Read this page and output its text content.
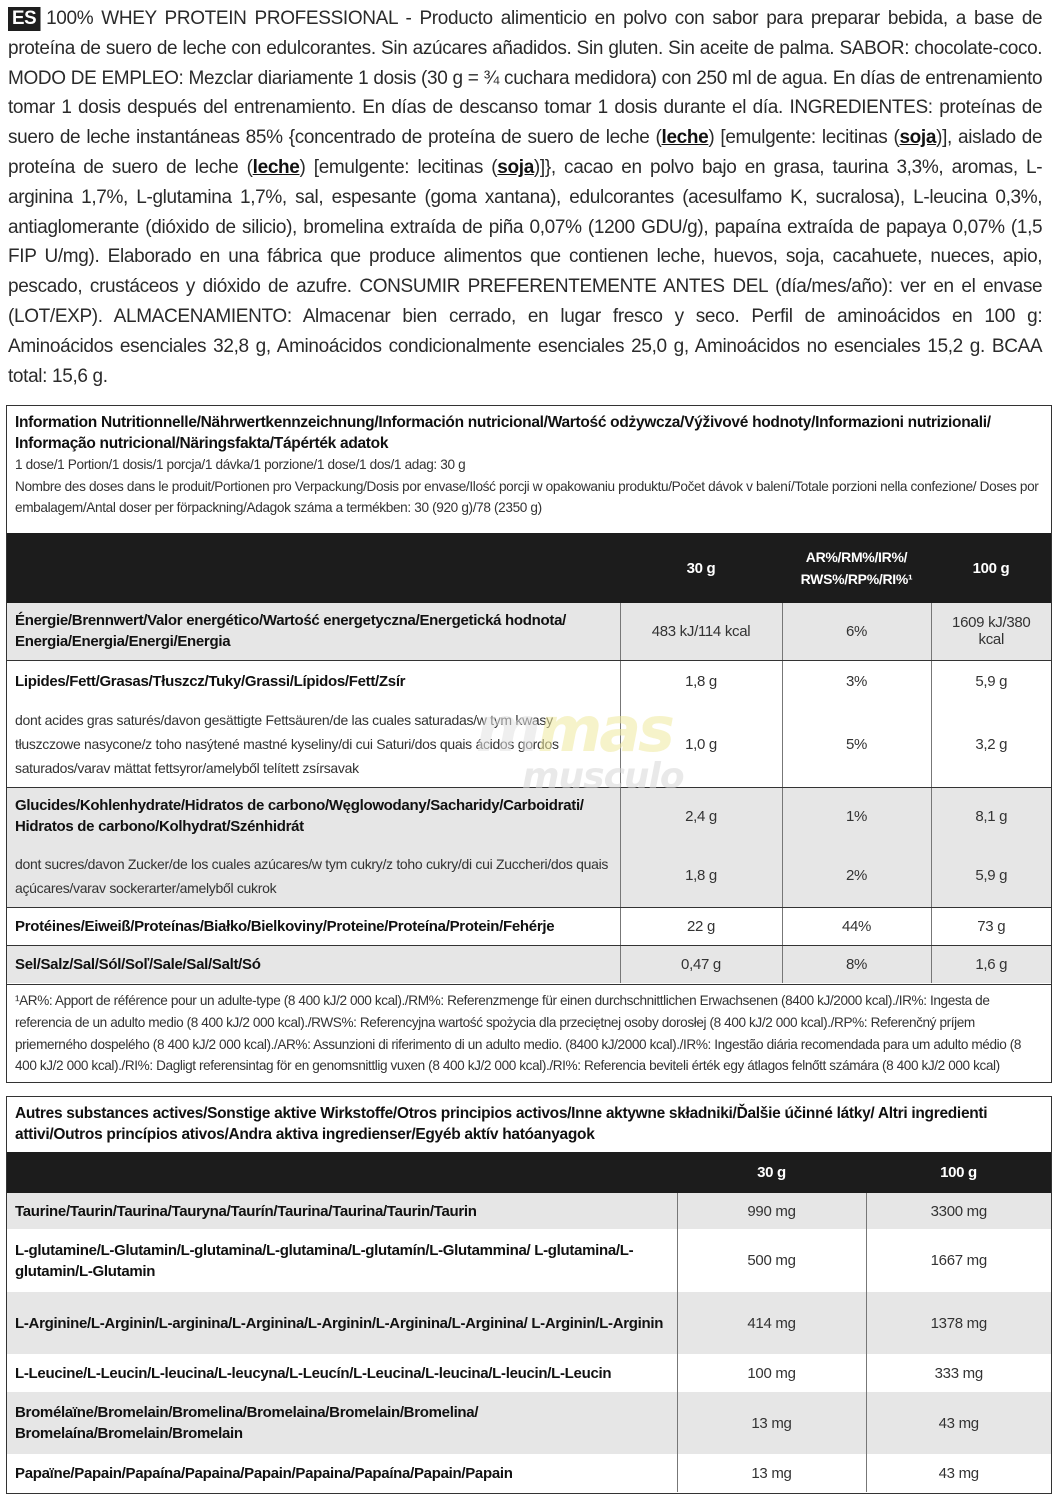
ES 100% WHEY PROTEIN PROFESSIONAL - Producto alimenticio en polvo con sabor para preparar bebida, a base de proteína de suero de leche con edulcorantes. Sin azúcares añadidos. Sin gluten. Sin aceite de palma. SABOR: chocolate-coco. MODO DE EMPLEO: Mezclar diariamente 1 dosis (30 g = ¾ cuchara medidora) con 250 ml de agua. En días de entrenamiento tomar 1 dosis después del entrenamiento. En días de descanso tomar 1 dosis durante el día. INGREDIENTES: proteínas de suero de leche instantáneas 85% {concentrado de proteína de suero de leche (leche) [emulgente: lecitinas (soja)], aislado de proteína de suero de leche (leche) [emulgente: lecitinas (soja)]}, cacao en polvo bajo en grasa, taurina 3,3%, aromas, L-arginina 1,7%, L-glutamina 1,7%, sal, espesante (goma xantana), edulcorantes (acesulfamo K, sucralosa), L-leucina 0,3%, antiaglomerante (dióxido de silicio), bromelina extraída de piña 0,07% (1200 GDU/g), papaína extraída de papaya 0,07% (1,5 FIP U/mg). Elaborado en una fábrica que produce alimentos que contienen leche, huevos, soja, cacahuete, nueces, apio, pescado, crustáceos y dióxido de azufre. CONSUMIR PREFERENTEMENTE ANTES DEL (día/mes/año): ver en el envase (LOT/EXP). ALMACENAMIENTO: Almacenar bien cerrado, en lugar fresco y seco. Perfil de aminoácidos en 100 g: Aminoácidos esenciales 32,8 g, Aminoácidos condicionalmente esenciales 25,0 g, Aminoácidos no esenciales 15,2 g. BCAA total: 15,6 g.
Information Nutritionnelle/Nährwertkennzeichnung/Información nutricional/Wartość odżywcza/Výživové hodnoty/Informazioni nutrizionali/ Informação nutricional/Näringsfakta/Tápérték adatok
1 dose/1 Portion/1 dosis/1 porcja/1 dávka/1 porzione/1 dose/1 dos/1 adag: 30 g
Nombre des doses dans le produit/Portionen pro Verpackung/Dosis por envase/Ilość porcji w opakowaniu produktu/Počet dávok v balení/Totale porzioni nella confezione/ Doses por embalagem/Antal doser per förpackning/Adagok száma a termékben: 30 (920 g)/78 (2350 g)
	30 g	AR%/RM%/IR%/ RWS%/RP%/RI%¹	100 g
Énergie/Brennwert/Valor energético/Wartość energetyczna/Energetická hodnota/ Energia/Energia/Energi/Energia	483 kJ/114 kcal	6%	1609 kJ/380 kcal
Lipides/Fett/Grasas/Tłuszcz/Tuky/Grassi/Lípidos/Fett/Zsír	1,8 g	3%	5,9 g
dont acides gras saturés/davon gesättigte Fettsäuren/de las cuales saturadas/w tym kwasy tłuszczowe nasycone/z toho nasýtené mastné kyseliny/di cui Saturi/dos quais ácidos gordos saturados/varav mättat fettsyror/amelyből telített zsírsavak	1,0 g	5%	3,2 g
Glucides/Kohlenhydrate/Hidratos de carbono/Węglowodany/Sacharidy/Carboidrati/ Hidratos de carbono/Kolhydrat/Szénhidrát	2,4 g	1%	8,1 g
dont sucres/davon Zucker/de los cuales azúcares/w tym cukry/z toho cukry/di cui Zuccheri/dos quais açúcares/varav sockerarter/amelyből cukrok	1,8 g	2%	5,9 g
Protéines/Eiweiß/Proteínas/Białko/Bielkoviny/Proteine/Proteína/Protein/Fehérje	22 g	44%	73 g
Sel/Salz/Sal/Sól/Soľ/Sale/Sal/Salt/Só	0,47 g	8%	1,6 g
¹AR%: Apport de référence pour un adulte-type (8 400 kJ/2 000 kcal)./RM%: Referenzmenge für einen durchschnittlichen Erwachsenen (8400 kJ/2000 kcal)./IR%: Ingesta de referencia de un adulto medio (8 400 kJ/2 000 kcal)./RWS%: Referencyjna wartość spożycia dla przeciętnej osoby dorosłej (8 400 kJ/2 000 kcal)./RP%: Referenčný príjem priemerného dospelého (8 400 kJ/2 000 kcal)./AR%: Assunzioni di riferimento di un adulto medio. (8400 kJ/2000 kcal)./IR%: Ingestão diária recomendada para um adulto médio (8 400 kJ/2 000 kcal)./RI%: Dagligt referensintag för en genomsnittlig vuxen (8 400 kJ/2 000 kcal)./RI%: Referencia beviteli érték egy átlagos felnőtt számára (8 400 kJ/2 000 kcal)
Autres substances actives/Sonstige aktive Wirkstoffe/Otros principios activos/Inne aktywne składniki/Ďalšie účinné látky/ Altri ingredienti attivi/Outros princípios ativos/Andra aktiva ingredienser/Egyéb aktív hatóanyagok
	30 g	100 g
Taurine/Taurin/Taurina/Tauryna/Taurín/Taurina/Taurina/Taurin/Taurin	990 mg	3300 mg
L-glutamine/L-Glutamin/L-glutamina/L-glutamina/L-glutamín/L-Glutammina/ L-glutamina/L-glutamin/L-Glutamin	500 mg	1667 mg
L-Arginine/L-Arginin/L-arginina/L-Arginina/L-Arginin/L-Arginina/L-Arginina/ L-Arginin/L-Arginin	414 mg	1378 mg
L-Leucine/L-Leucin/L-leucina/L-leucyna/L-Leucín/L-Leucina/L-leucina/L-leucin/L-Leucin	100 mg	333 mg
Bromélaïne/Bromelain/Bromelina/Bromelaina/Bromelain/Bromelina/ Bromelaína/Bromelain/Bromelain	13 mg	43 mg
Papaïne/Papain/Papaína/Papaina/Papain/Papaina/Papaína/Papain/Papain	13 mg	43 mg
mmas
musculo
